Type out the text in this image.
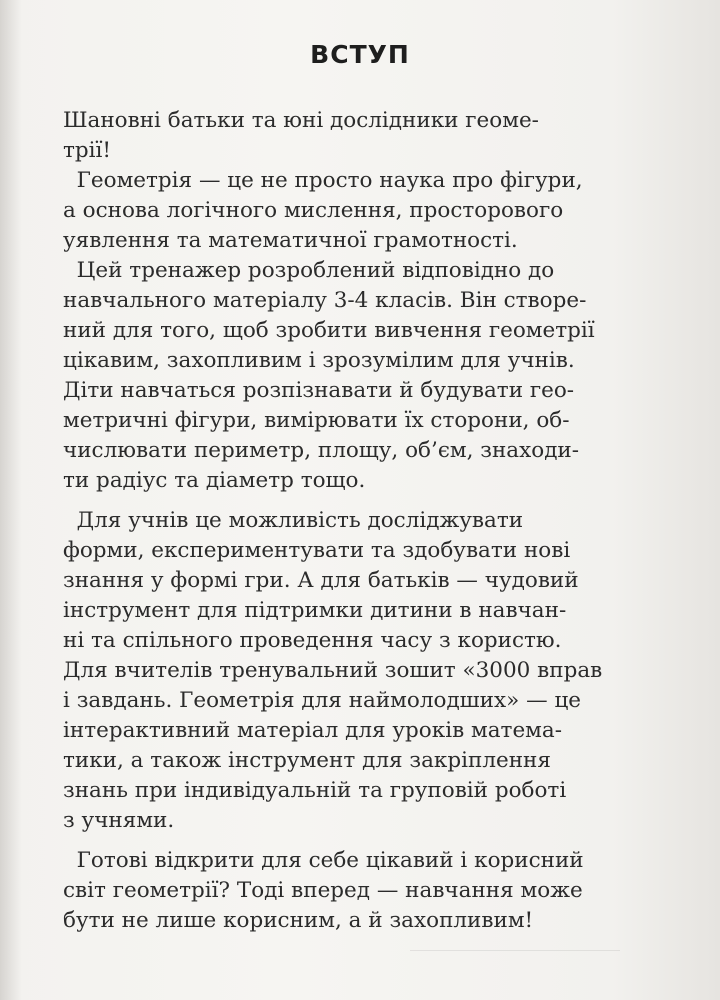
ВСТУП
Шановні батьки та юні дослідники геоме-
трії!
Геометрія — це не просто наука про фігури,
а основа логічного мислення, просторового
уявлення та математичної грамотності.
Цей тренажер розроблений відповідно до
навчального матеріалу 3-4 класів. Він створе-
ний для того, щоб зробити вивчення геометрії
цікавим, захопливим і зрозумілим для учнів.
Діти навчаться розпізнавати й будувати гео-
метричні фігури, вимірювати їх сторони, об-
числювати периметр, площу, об’єм, знаходи-
ти радіус та діаметр тощо.
Для учнів це можливість досліджувати
форми, експериментувати та здобувати нові
знання у формі гри. А для батьків — чудовий
інструмент для підтримки дитини в навчан-
ні та спільного проведення часу з користю.
Для вчителів тренувальний зошит «3000 вправ
і завдань. Геометрія для наймолодших» — це
інтерактивний матеріал для уроків матема-
тики, а також інструмент для закріплення
знань при індивідуальній та груповій роботі
з учнями.
Готові відкрити для себе цікавий і корисний
світ геометрії? Тоді вперед — навчання може
бути не лише корисним, а й захопливим!
